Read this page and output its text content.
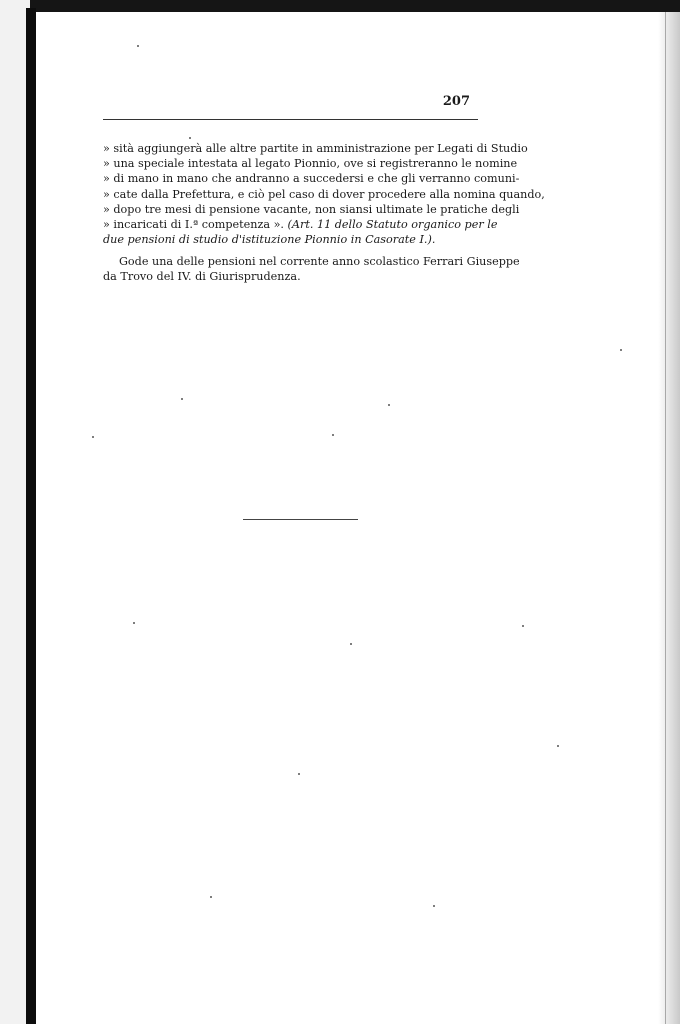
207
» sità aggiungerà alle altre partite in amministrazione per Legati di Studio
» una speciale intestata al legato Pionnio, ove si registreranno le nomine
» di mano in mano che andranno a succedersi e che gli verranno comuni-
» cate dalla Prefettura, e ciò pel caso di dover procedere alla nomina quando,
» dopo tre mesi di pensione vacante, non siansi ultimate le pratiche degli
» incaricati di I.ª competenza ». (Art. 11 dello Statuto organico per le
due pensioni di studio d'istituzione Pionnio in Casorate I.).
Gode una delle pensioni nel corrente anno scolastico Ferrari Giuseppe
da Trovo del IV. di Giurisprudenza.
